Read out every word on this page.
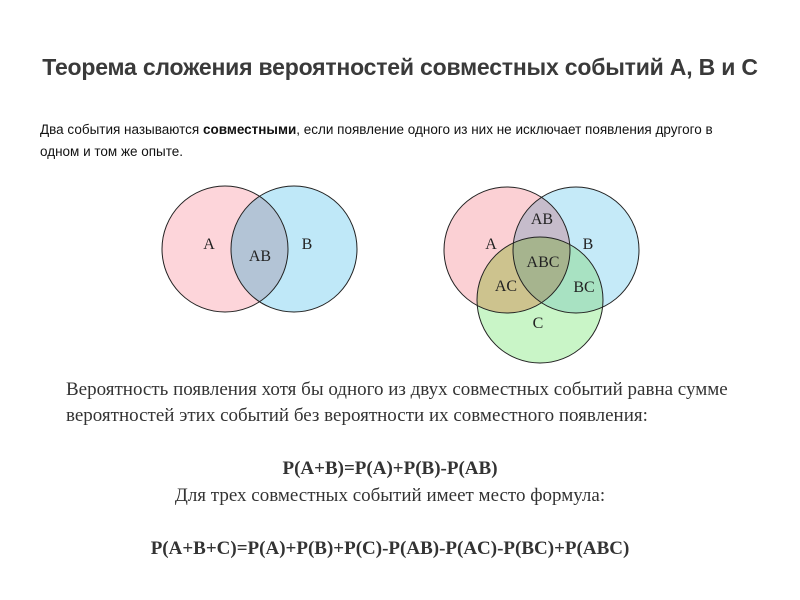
Теорема сложения вероятностей совместных событий А, В и С
Два события называются совместными, если появление одного из них не исключает появления другого в одном и том же опыте.
A
AB
B	A
AB
B
ABC
AC	BC
C
Вероятность появления хотя бы одного из двух совместных событий равна сумме вероятностей этих событий без вероятности их совместного появления:
P(A+B)=P(A)+P(B)-P(AB)
Для трех совместных событий имеет место формула:
P(A+B+C)=P(A)+P(B)+P(C)-P(AB)-P(AC)-P(BC)+P(ABC)
